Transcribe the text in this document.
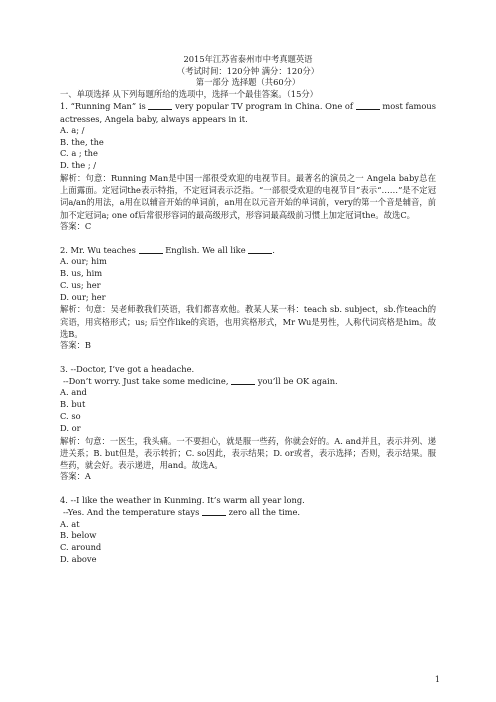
2015年江苏省泰州市中考真题英语
（考试时间：120分钟 满分：120分）
第一部分 选择题（共60分）
一、单项选择 从下列每题所给的选项中，选择一个最佳答案。（15分）
1. “Running Man” is	very popular TV program in China. One of	most famous actresses, Angela baby, always appears in it.
A. a; /
B. the, the
C. a ; the
D. the ; /
解析：句意：Running Man是中国一部很受欢迎的电视节目。最著名的演员之一 Angela baby总在上面露面。定冠词the表示特指，不定冠词表示泛指。“一部很受欢迎的电视节目”表示“……”是不定冠词a/an的用法，a用在以辅音开始的单词前，an用在以元音开始的单词前，very的第一个音是辅音，前加不定冠词a; one of后常很形容词的最高级形式，形容词最高级前习惯上加定冠词the。故选C。
答案：C
2. Mr. Wu teaches	English. We all like	.
A. our; him
B. us, him
C. us; her
D. our; her
解析：句意：吴老师教我们英语，我们都喜欢他。教某人某一科：teach sb. subject，sb.作teach的宾语，用宾格形式；us; 后空作like的宾语，也用宾格形式，Mr Wu是男性，人称代词宾格是him。故选B。
答案：B
3. --Doctor, I’ve got a headache.
--Don’t worry. Just take some medicine,	you’ll be OK again.
A. and
B. but
C. so
D. or
解析：句意：一医生，我头痛。一不要担心，就是服一些药，你就会好的。A. and并且，表示并列、递进关系；B. but但是，表示转折；C. so因此，表示结果；D. or或者，表示选择；否则，表示结果。服些药，就会好。表示递进，用and。故选A。
答案：A
4. --I like the weather in Kunming. It’s warm all year long.
--Yes. And the temperature stays	zero all the time.
A. at
B. below
C. around
D. above
1
